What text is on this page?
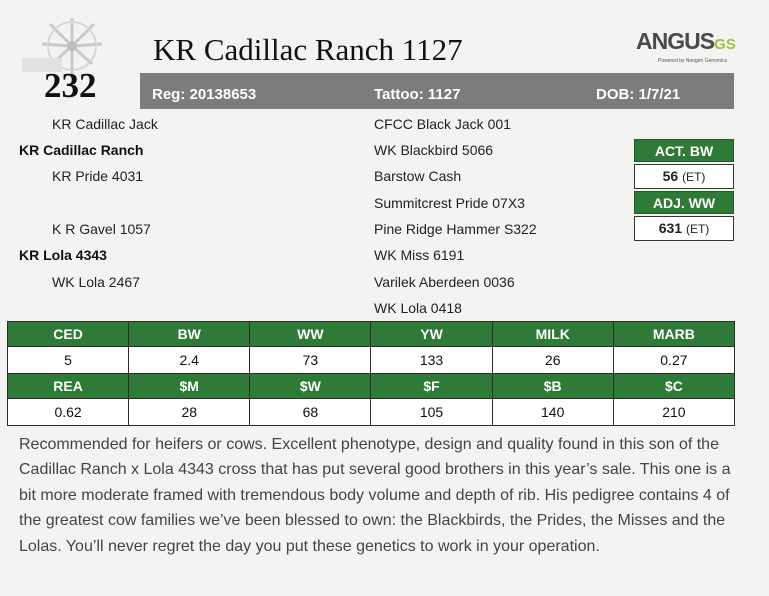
232
KR Cadillac Ranch 1127	ANGUSGS
Powered by Neogen Genomics
Reg: 20138653	Tattoo: 1127	DOB: 1/7/21
KR Cadillac Jack
KR Cadillac Ranch
KR Pride 4031
K R Gavel 1057
KR Lola 4343
WK Lola 2467
CFCC Black Jack 001
WK Blackbird 5066
Barstow Cash
Summitcrest Pride 07X3
Pine Ridge Hammer S322
WK Miss 6191
Varilek Aberdeen 0036
WK Lola 0418
ACT. BW
56 (ET)
ADJ. WW
631 (ET)
CED	BW	WW	YW	MILK	MARB
5	2.4	73	133	26	0.27
REA	$M	$W	$F	$B	$C
0.62	28	68	105	140	210
Recommended for heifers or cows. Excellent phenotype, design and quality found in this son of the Cadillac Ranch x Lola 4343 cross that has put several good brothers in this year’s sale. This one is a bit more moderate framed with tremendous body volume and depth of rib. His pedigree contains 4 of the greatest cow families we’ve been blessed to own: the Blackbirds, the Prides, the Misses and the Lolas. You’ll never regret the day you put these genetics to work in your operation.
